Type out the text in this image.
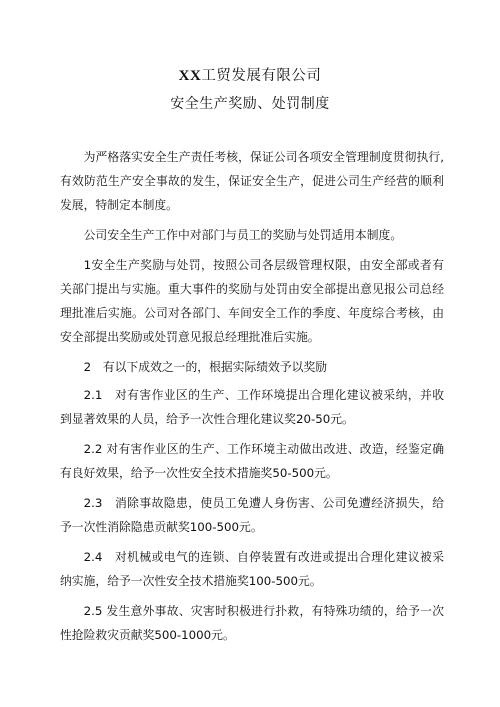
XX工贸发展有限公司
安全生产奖励、处罚制度

为严格落实安全生产责任考核，保证公司各项安全管理制度贯彻执行,有效防范生产安全事故的发生，保证安全生产，促进公司生产经营的顺利发展，特制定本制度。

公司安全生产工作中对部门与员工的奖励与处罚适用本制度。

1安全生产奖励与处罚，按照公司各层级管理权限，由安全部或者有关部门提出与实施。重大事件的奖励与处罚由安全部提出意见报公司总经理批准后实施。公司对各部门、车间安全工作的季度、年度综合考核，由安全部提出奖励或处罚意见报总经理批准后实施。

2　有以下成效之一的，根据实际绩效予以奖励

2.1　对有害作业区的生产、工作环境提出合理化建议被采纳，并收到显著效果的人员，给予一次性合理化建议奖20-50元。

2.2 对有害作业区的生产、工作环境主动做出改进、改造，经鉴定确有良好效果，给予一次性安全技术措施奖50-500元。

2.3　消除事故隐患，使员工免遭人身伤害、公司免遭经济损失，给予一次性消除隐患贡献奖100-500元。

2.4　对机械或电气的连锁、自停装置有改进或提出合理化建议被采纳实施，给予一次性安全技术措施奖100-500元。

2.5 发生意外事故、灾害时积极进行扑救，有特殊功绩的，给予一次性抢险救灾贡献奖500-1000元。
